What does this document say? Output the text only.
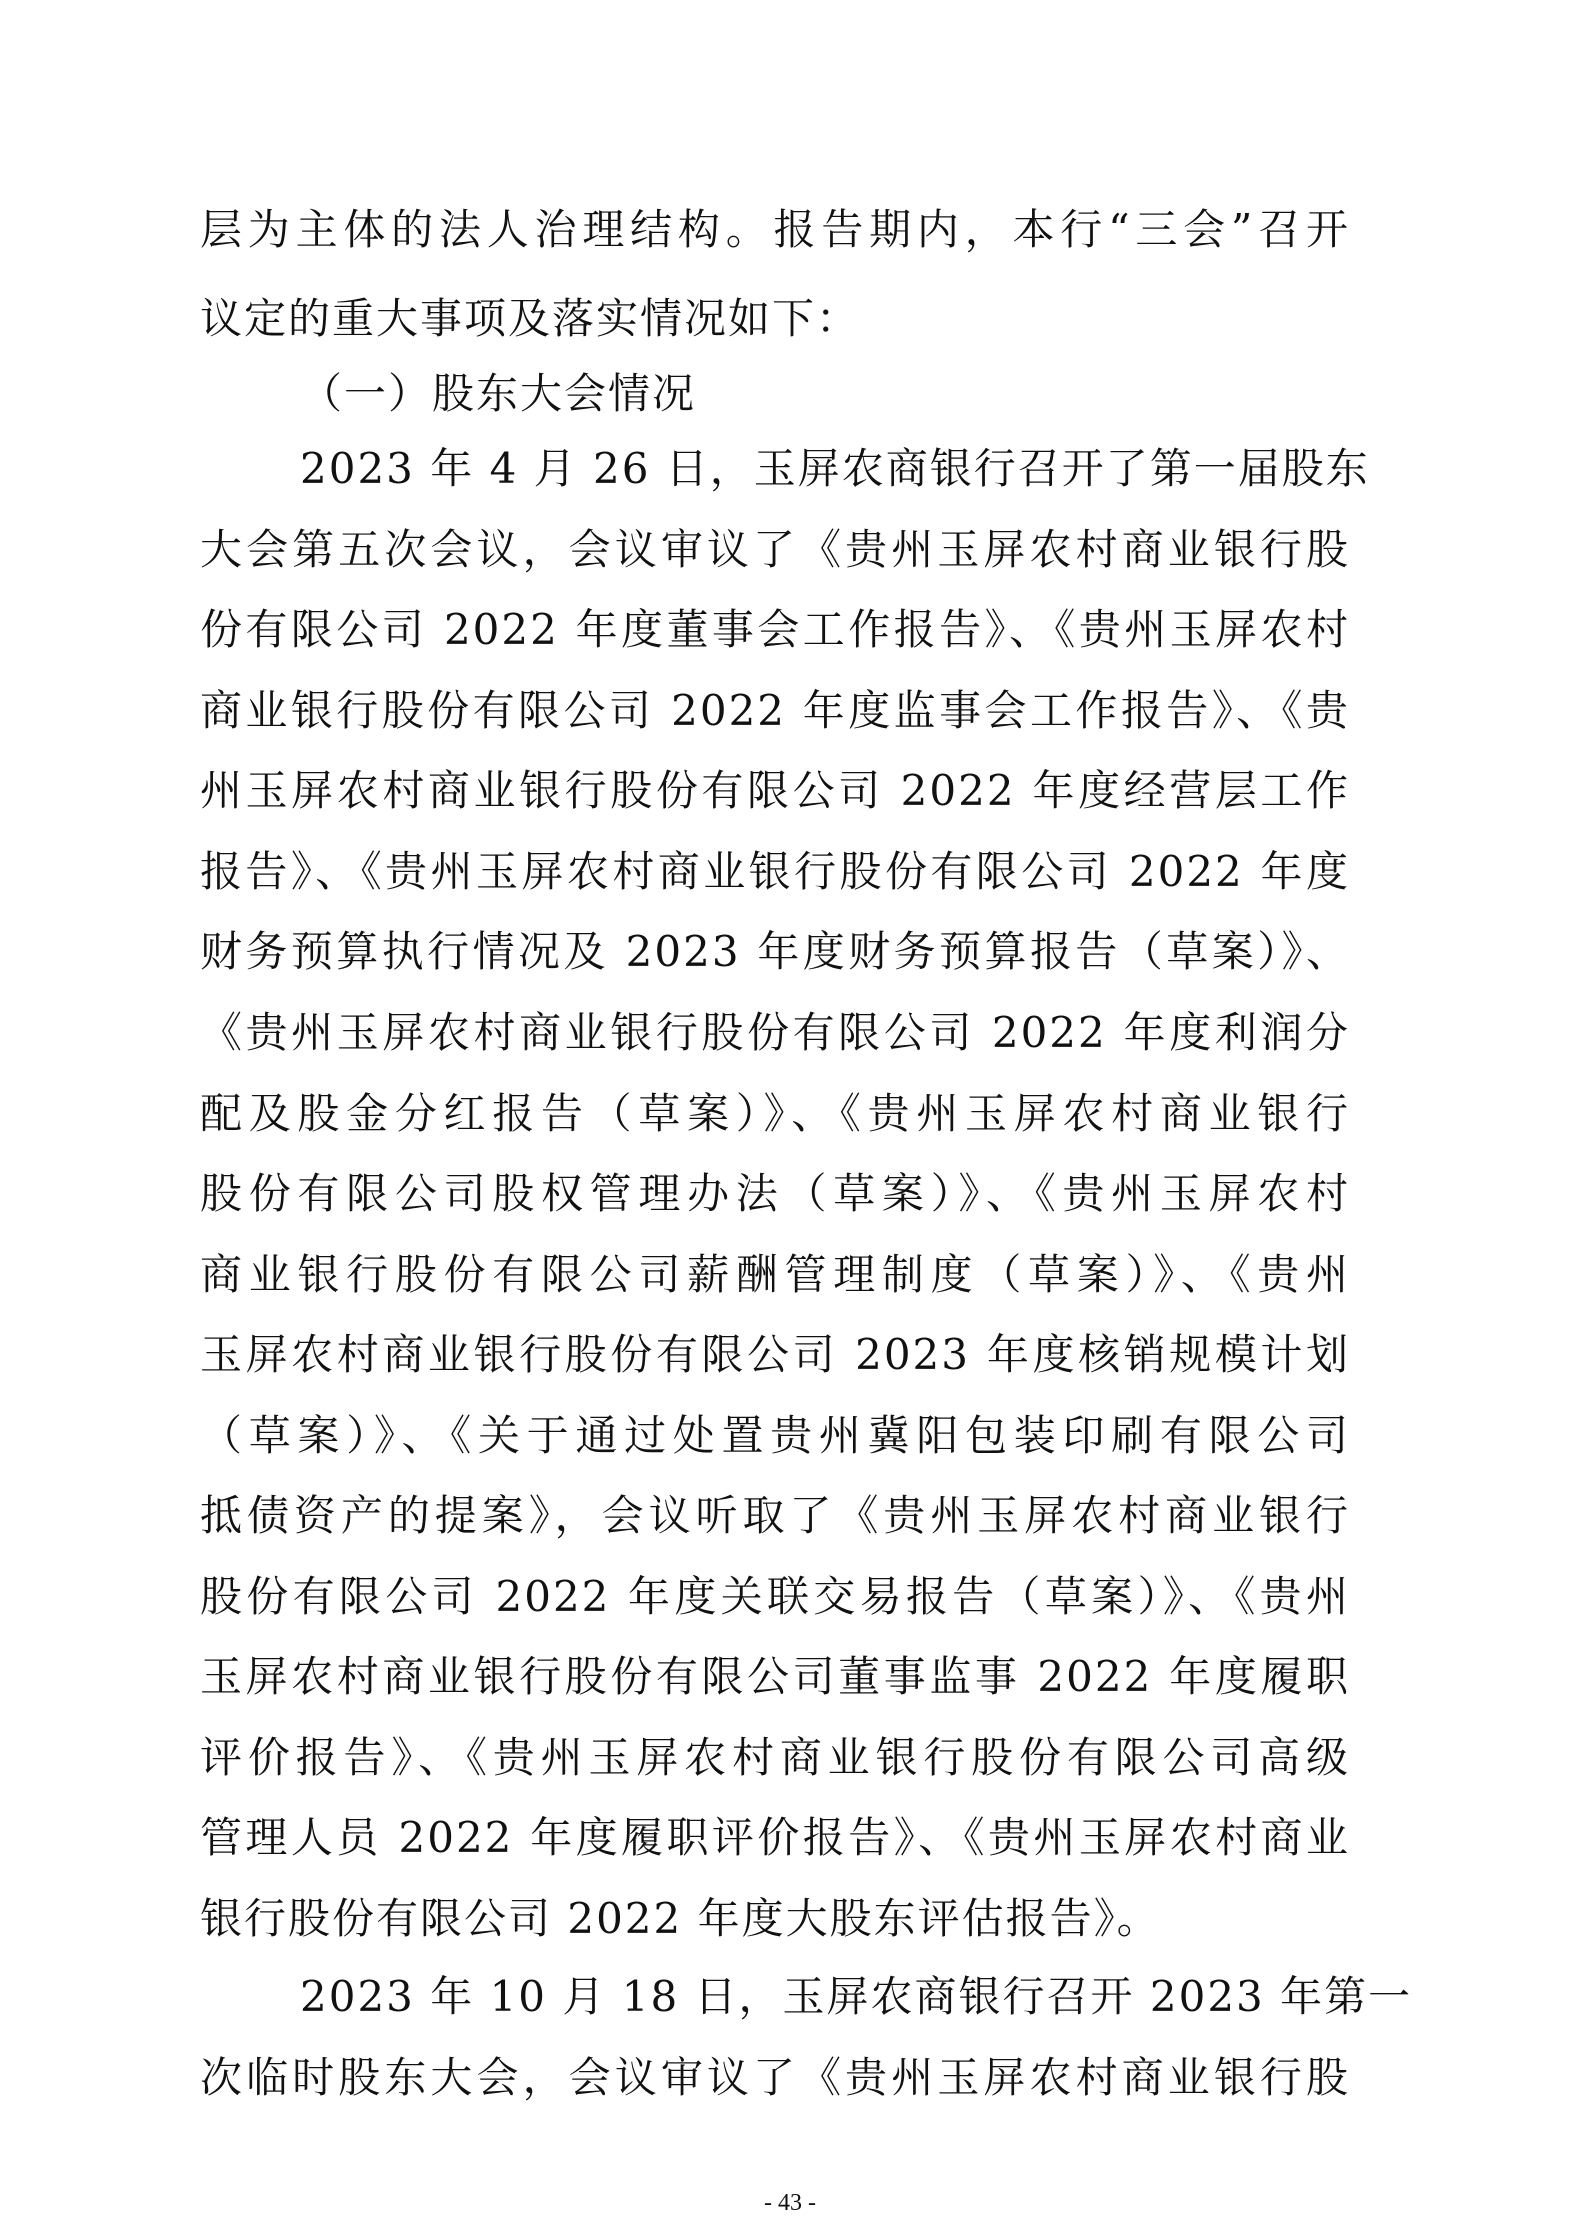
层为主体的法人治理结构。报告期内，本行“三会”召开
议定的重大事项及落实情况如下：
（一）股东大会情况
2023 年 4 月 26 日，玉屏农商银行召开了第一届股东
大会第五次会议，会议审议了《贵州玉屏农村商业银行股
份有限公司 2022 年度董事会工作报告》、《贵州玉屏农村
商业银行股份有限公司 2022 年度监事会工作报告》、《贵
州玉屏农村商业银行股份有限公司 2022 年度经营层工作
报告》、《贵州玉屏农村商业银行股份有限公司 2022 年度
财务预算执行情况及 2023 年度财务预算报告（草案）》、
《贵州玉屏农村商业银行股份有限公司 2022 年度利润分
配及股金分红报告（草案）》、《贵州玉屏农村商业银行
股份有限公司股权管理办法（草案）》、《贵州玉屏农村
商业银行股份有限公司薪酬管理制度（草案）》、《贵州
玉屏农村商业银行股份有限公司 2023 年度核销规模计划
（草案）》、《关于通过处置贵州冀阳包装印刷有限公司
抵债资产的提案》，会议听取了《贵州玉屏农村商业银行
股份有限公司 2022 年度关联交易报告（草案）》、《贵州
玉屏农村商业银行股份有限公司董事监事 2022 年度履职
评价报告》、《贵州玉屏农村商业银行股份有限公司高级
管理人员 2022 年度履职评价报告》、《贵州玉屏农村商业
银行股份有限公司 2022 年度大股东评估报告》。
2023 年 10 月 18 日，玉屏农商银行召开 2023 年第一
次临时股东大会，会议审议了《贵州玉屏农村商业银行股
- 43 -
